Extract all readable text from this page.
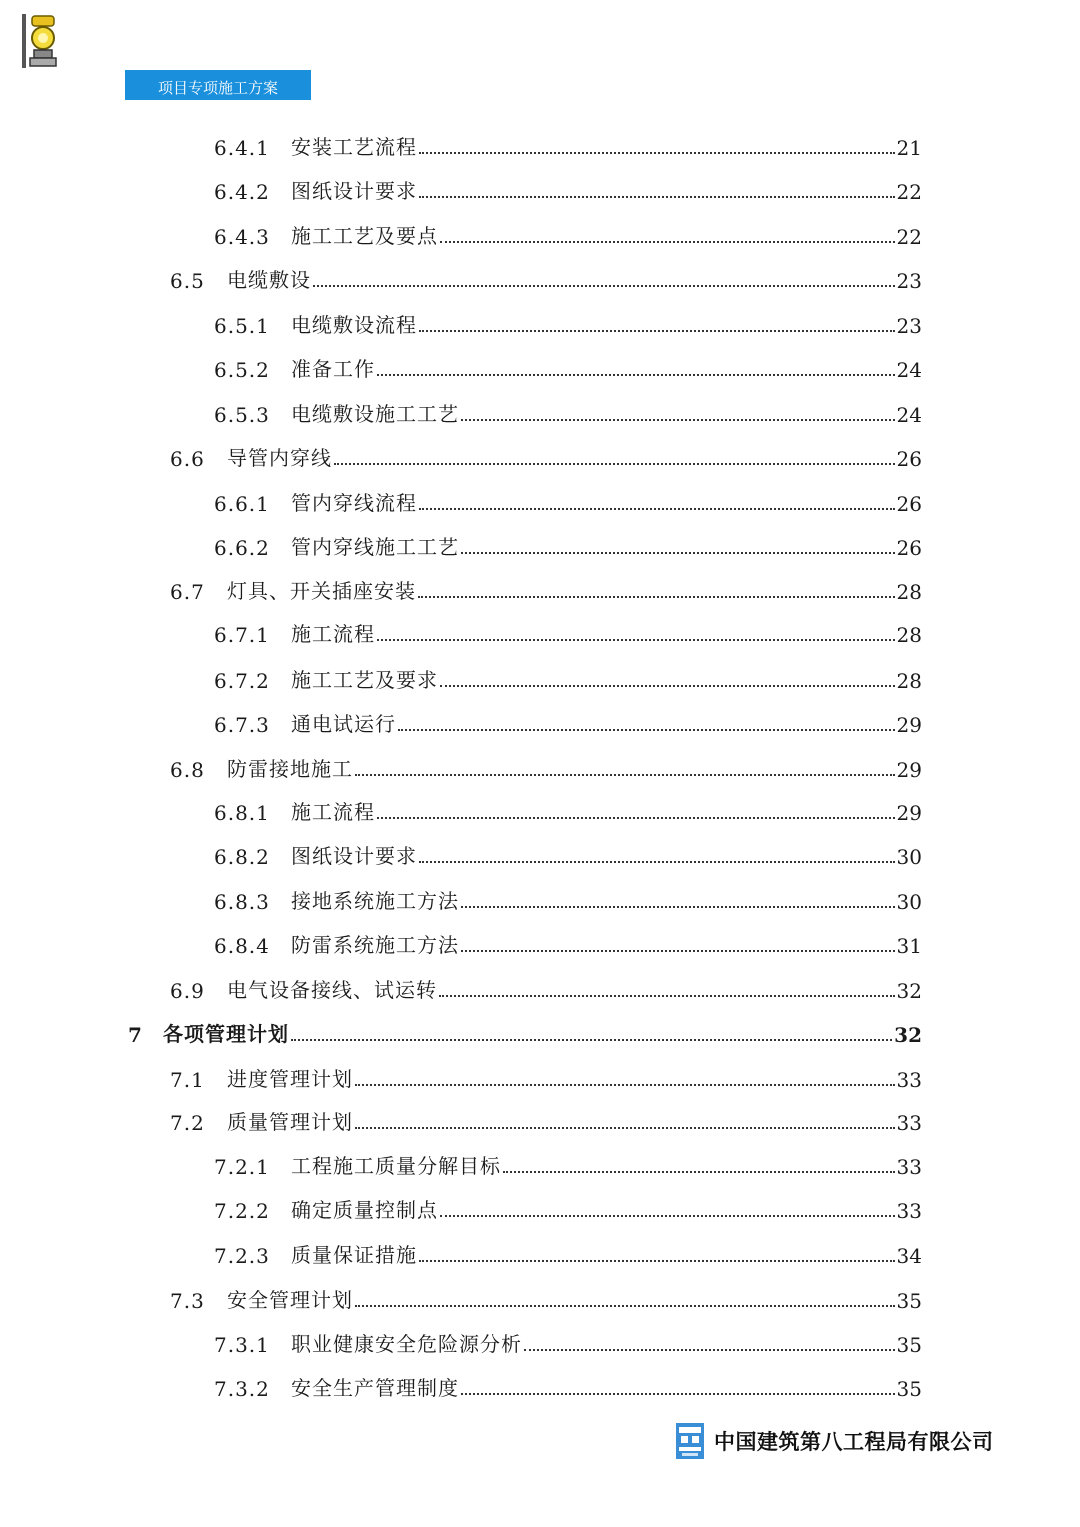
项目专项施工方案
6.4.1	安装工艺流程	21
6.4.2	图纸设计要求	22
6.4.3	施工工艺及要点	22
6.5	电缆敷设	23
6.5.1	电缆敷设流程	23
6.5.2	准备工作	24
6.5.3	电缆敷设施工工艺	24
6.6	导管内穿线	26
6.6.1	管内穿线流程	26
6.6.2	管内穿线施工工艺	26
6.7	灯具、开关插座安装	28
6.7.1	施工流程	28
6.7.2	施工工艺及要求	28
6.7.3	通电试运行	29
6.8	防雷接地施工	29
6.8.1	施工流程	29
6.8.2	图纸设计要求	30
6.8.3	接地系统施工方法	30
6.8.4	防雷系统施工方法	31
6.9	电气设备接线、试运转	32
7	各项管理计划	32
7.1	进度管理计划	33
7.2	质量管理计划	33
7.2.1	工程施工质量分解目标	33
7.2.2	确定质量控制点	33
7.2.3	质量保证措施	34
7.3	安全管理计划	35
7.3.1	职业健康安全危险源分析	35
7.3.2	安全生产管理制度	35
中国建筑第八工程局有限公司
